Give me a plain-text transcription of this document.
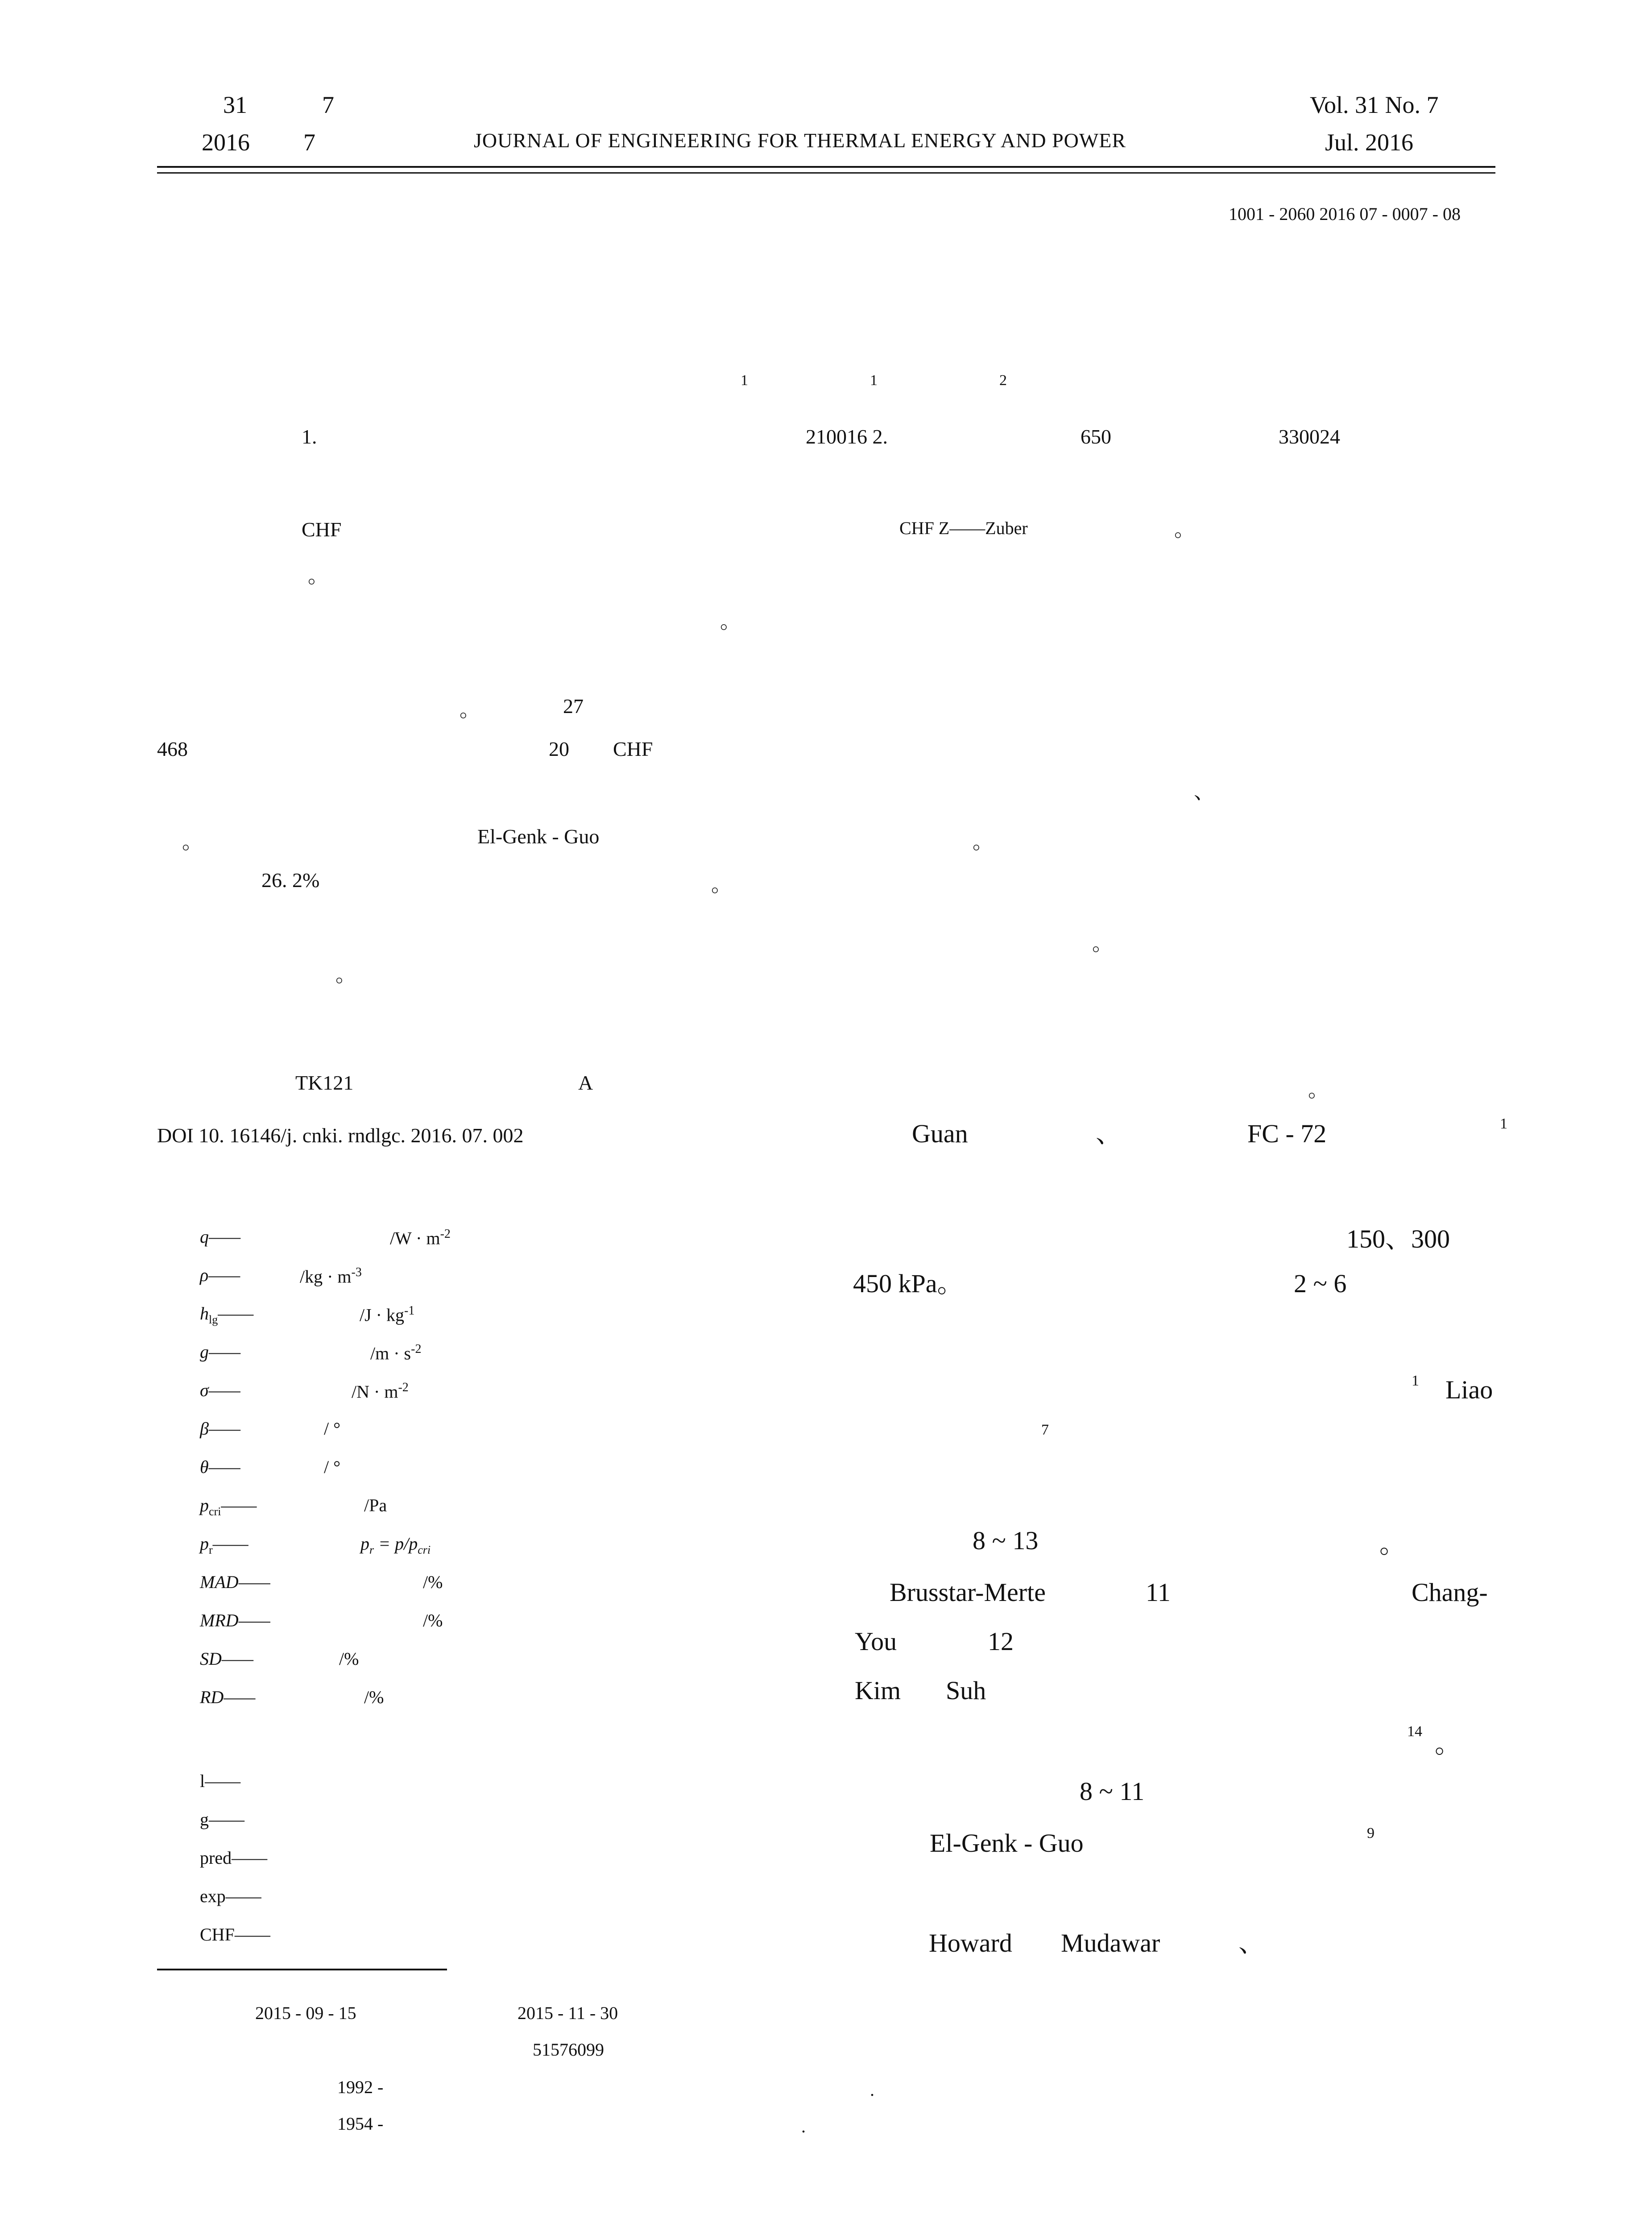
31	7
2016 7	JOURNAL OF ENGINEERING FOR THERMAL ENERGY AND POWER
Vol. 31 No. 7
Jul. 2016
1001 - 2060 2016 07 - 0007 - 08
1	1	2
1.	210016 2.	650	330024
CHF	CHF Z——Zuber	。
。
。
。	27
468	20 CHF
、
。	El-Genk - Guo	。
26. 2%	。
。
。
TK121	A	。
DOI 10. 16146/j. cnki. rndlgc. 2016. 07. 002
q——	$/W \cdot m^{-2}$
ρ——	$/kg \cdot m^{-3}$
$h_{lg}——$	$/J \cdot kg^{-1}$
g——	$/m \cdot s^{-2}$
σ——	$/N \cdot m^{-2}$
β——	/ °
θ——	/ °
$p_{cri}——$	/Pa
$p_r——$	$p_r = p/p_{cri}$
MAD——	/%
MRD——	/%
SD——	/%
RD——	/%
l——
g——
pred——
exp——
CHF——
2015 - 09 - 15	2015 - 11 - 30
51576099
1992 -	.
1954 -	.
Guan	、	FC - 72	1
150、300
450 kPa。	2 ~ 6
1 Liao
7
8 ~ 13	。
Brusstar-Merte	11	Chang-
You	12
Kim Suh
14 。
8 ~ 11
El-Genk - Guo	9
Howard Mudawar	、
